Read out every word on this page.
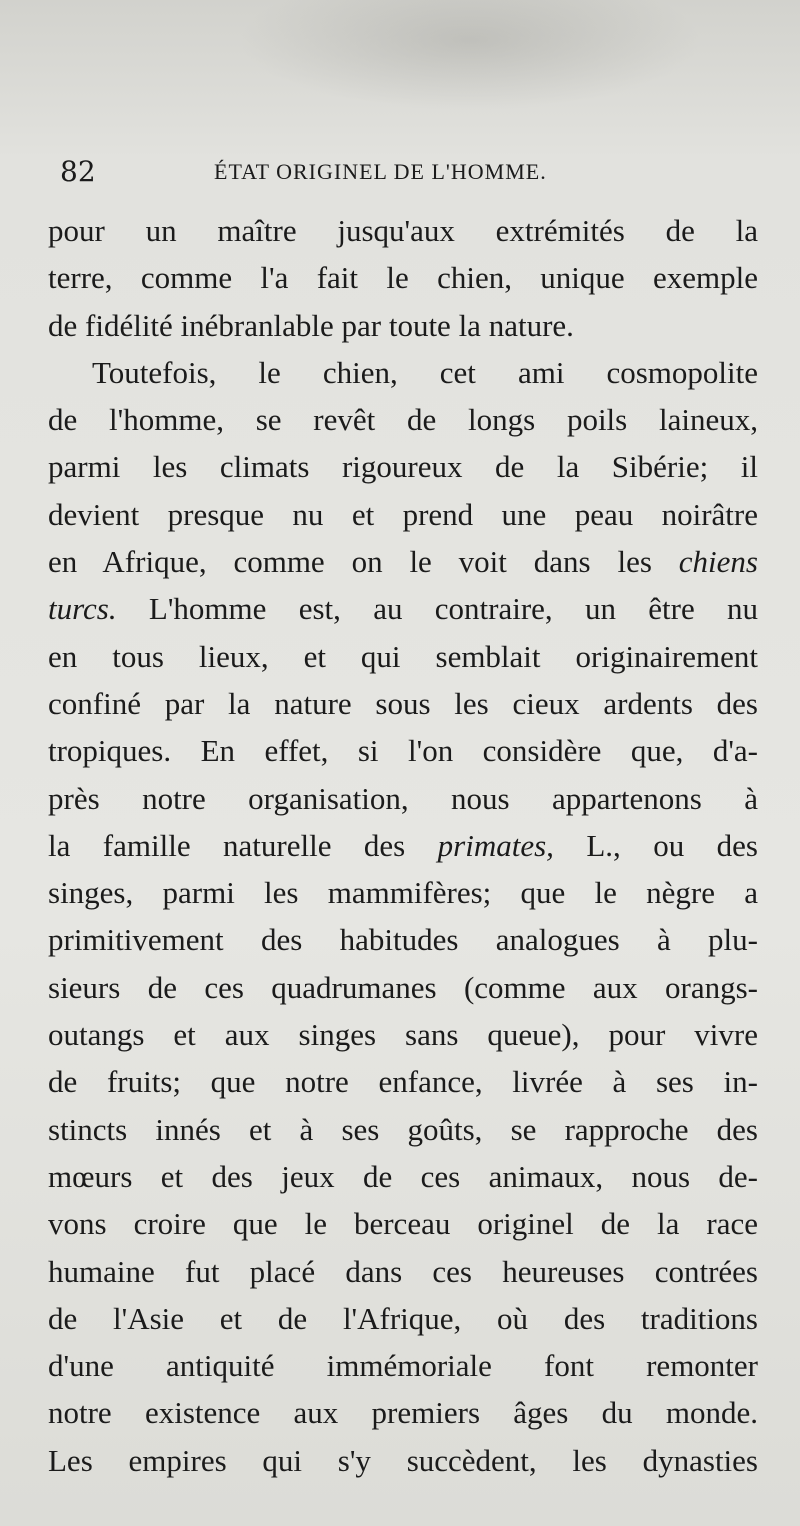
82	ÉTAT ORIGINEL DE L'HOMME.
pour un maître jusqu'aux extrémités de la
terre, comme l'a fait le chien, unique exemple
de fidélité inébranlable par toute la nature.
Toutefois, le chien, cet ami cosmopolite
de l'homme, se revêt de longs poils laineux,
parmi les climats rigoureux de la Sibérie; il
devient presque nu et prend une peau noirâtre
en Afrique, comme on le voit dans les chiens
turcs. L'homme est, au contraire, un être nu
en tous lieux, et qui semblait originairement
confiné par la nature sous les cieux ardents des
tropiques. En effet, si l'on considère que, d'a-
près notre organisation, nous appartenons à
la famille naturelle des primates, L., ou des
singes, parmi les mammifères; que le nègre a
primitivement des habitudes analogues à plu-
sieurs de ces quadrumanes (comme aux orangs-
outangs et aux singes sans queue), pour vivre
de fruits; que notre enfance, livrée à ses in-
stincts innés et à ses goûts, se rapproche des
mœurs et des jeux de ces animaux, nous de-
vons croire que le berceau originel de la race
humaine fut placé dans ces heureuses contrées
de l'Asie et de l'Afrique, où des traditions
d'une antiquité immémoriale font remonter
notre existence aux premiers âges du monde.
Les empires qui s'y succèdent, les dynasties
